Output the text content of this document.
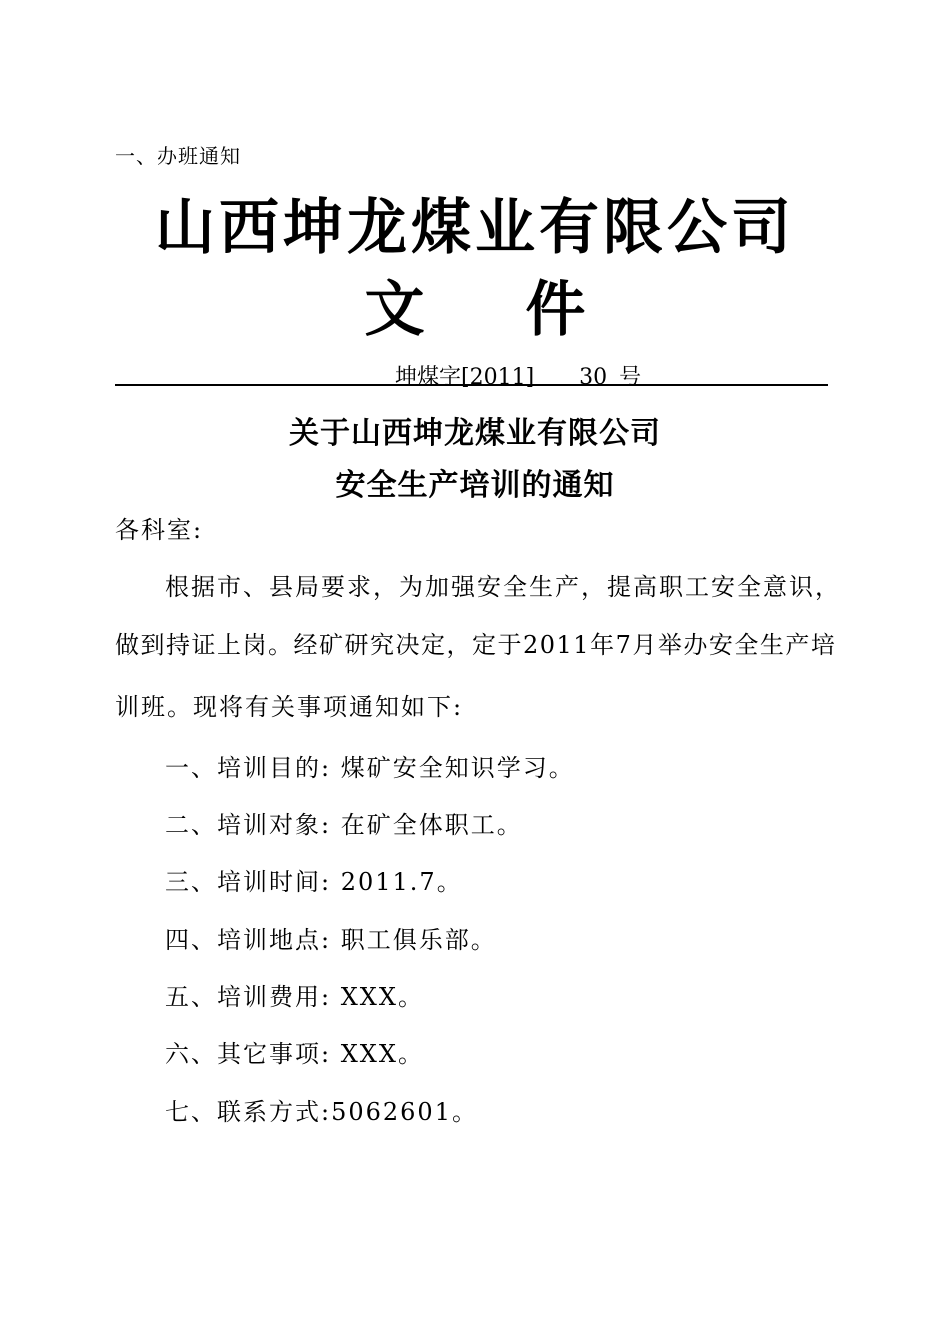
一、办班通知
山西坤龙煤业有限公司
文 件
坤煤字[2011] 30 号
关于山西坤龙煤业有限公司
安全生产培训的通知
各科室:
根据市、县局要求，为加强安全生产，提高职工安全意识，
做到持证上岗。经矿研究决定，定于2011年7月举办安全生产培
训班。现将有关事项通知如下:
一、培训目的: 煤矿安全知识学习。
二、培训对象: 在矿全体职工。
三、培训时间: 2011.7。
四、培训地点: 职工俱乐部。
五、培训费用: XXX。
六、其它事项: XXX。
七、联系方式:5062601。
